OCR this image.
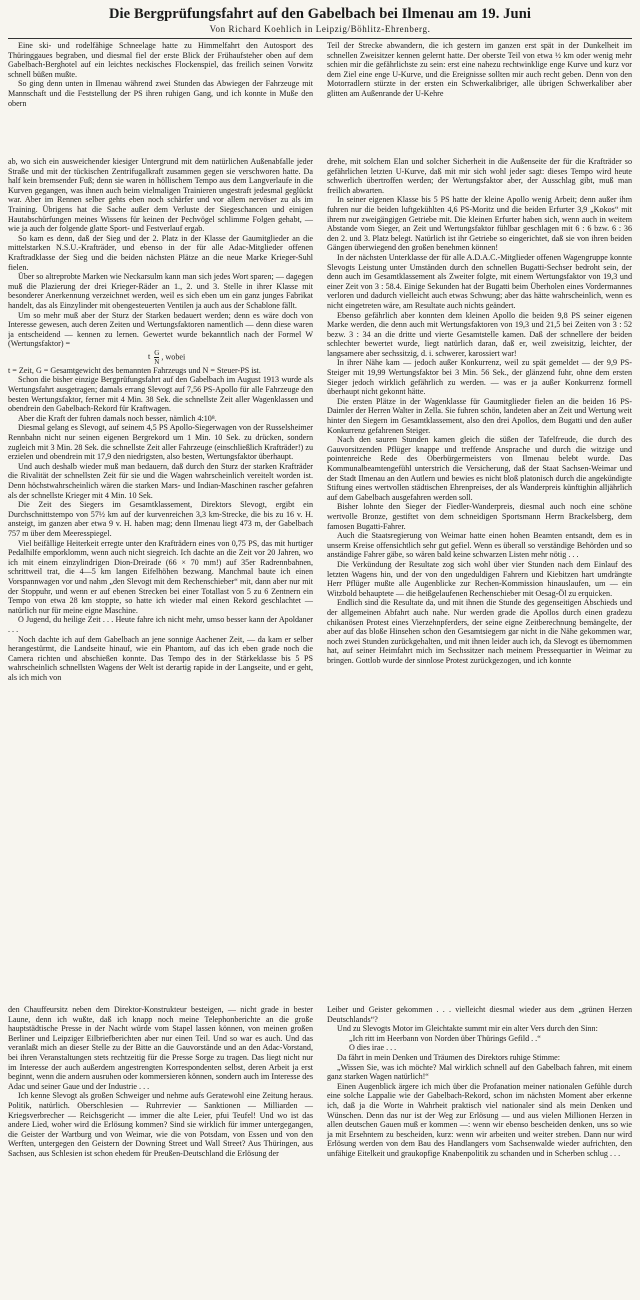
Die Bergprüfungsfahrt auf den Gabelbach bei Ilmenau am 19. Juni
Von Richard Koehlich in Leipzig/Böhlitz-Ehrenberg.

Eine ski- und rodelfähige Schneelage hatte zu Himmelfahrt den Autosport des Thüringgaues begraben, und diesmal fiel der erste Blick der Frühaufsteher oben auf dem Gabelbach-Berghotel auf ein leichtes neckisches Flockenspiel, das freilich seinen Vorwitz schnell büßen mußte.

So ging denn unten in Ilmenau während zwei Stunden das Abwiegen der Fahrzeuge mit Mannschaft und die Feststellung der PS ihren ruhigen Gang, und ich konnte in Muße den obern

Teil der Strecke abwandern, die ich gestern im ganzen erst spät in der Dunkelheit im schnellen Zweisitzer kennen gelernt hatte. Der oberste Teil von etwa ½ km oder wenig mehr schien mir die gefährlichste zu sein: erst eine nahezu rechtwinklige enge Kurve und kurz vor dem Ziel eine enge U-Kurve, und die Ereignisse sollten mir auch recht geben. Denn von den Motorradlern stürzte in der ersten ein Schwerkalibriger, alle übrigen Schwerkaliber aber glitten am Außenrande der U-Kehre

ab, wo sich ein ausweichender kiesiger Untergrund mit dem natürlichen Außenabfalle jeder Straße und mit der tückischen Zentrifugalkraft zusammen gegen sie verschworen hatte. Da half kein bremsender Fuß; denn sie waren in höllischem Tempo aus dem Langverlaufe in die Kurven gegangen, was ihnen auch beim vielmaligen Trainieren ungestraft jedesmal geglückt war. Aber im Rennen selber gehts eben noch schärfer und vor allem nervöser zu als im Training. Übrigens hat die Sache außer dem Verluste der Siegeschancen und einigen Hautabschürfungen meines Wissens für keinen der Pechvögel schlimme Folgen gehabt, — wie ja auch der folgende glatte Sport- und Festverlauf ergab.

So kam es denn, daß der Sieg und der 2. Platz in der Klasse der Gaumitglieder an die mittelstarken N.S.U.-Krafträder, und ebenso in der für alle Adac-Mitglieder offenen Kraftradklasse der Sieg und die beiden nächsten Plätze an die neue Marke Krieger-Suhl fielen.

Über so altreprobte Marken wie Neckarsulm kann man sich jedes Wort sparen; — dagegen muß die Plazierung der drei Krieger-Räder an 1., 2. und 3. Stelle in ihrer Klasse mit besonderer Anerkennung verzeichnet werden, weil es sich eben um ein ganz junges Fabrikat handelt, das als Einzylinder mit obengesteuerten Ventilen ja auch aus der Schablone fällt.

Um so mehr muß aber der Sturz der Starken bedauert werden; denn es wäre doch von Interesse gewesen, auch deren Zeiten und Wertungsfaktoren namentlich — denn diese waren ja entscheidend — kennen zu lernen. Gewertet wurde bekanntlich nach der Formel W (Wertungsfaktor) =

t $\frac{G}{N}$ , wobei

t = Zeit, G = Gesamtgewicht des bemannten Fahrzeugs und N = Steuer-PS ist.

Schon die bisher einzige Bergprüfungsfahrt auf den Gabelbach im August 1913 wurde als Wertungsfahrt ausgetragen; damals errang Slevogt auf 7,56 PS-Apollo für alle Fahrzeuge den besten Wertungsfaktor, ferner mit 4 Min. 38 Sek. die schnellste Zeit aller Wagenklassen und obendrein den Gabelbach-Rekord für Kraftwagen.

Aber die Kraft der fuhren damals noch besser, nämlich 4:10⁸.

Diesmal gelang es Slevogt, auf seinem 4,5 PS Apollo-Siegerwagen von der Russelsheimer Rennbahn nicht nur seinen eigenen Bergrekord um 1 Min. 10 Sek. zu drücken, sondern zugleich mit 3 Min. 28 Sek. die schnellste Zeit aller Fahrzeuge (einschließlich Krafträder!) zu erzielen und obendrein mit 17,9 den niedrigsten, also besten, Wertungsfaktor überhaupt.

Und auch deshalb wieder muß man bedauern, daß durch den Sturz der starken Krafträder die Rivalität der schnellsten Zeit für sie und die Wagen wahrscheinlich vereitelt worden ist. Denn höchstwahrscheinlich wären die starken Mars- und Indian-Maschinen rascher gefahren als der schnellste Krieger mit 4 Min. 10 Sek.

Die Zeit des Siegers im Gesamtklassement, Direktors Slevogt, ergibt ein Durchschnittstempo von 57½ km auf der kurvenreichen 3,3 km-Strecke, die bis zu 16 v. H. ansteigt, im ganzen aber etwa 9 v. H. haben mag; denn Ilmenau liegt 473 m, der Gabelbach 757 m über dem Meeresspiegel.

Viel beifällige Heiterkeit erregte unter den Krafträdern eines von 0,75 PS, das mit hurtiger Pedalhilfe emporklomm, wenn auch nicht siegreich. Ich dachte an die Zeit vor 20 Jahren, wo ich mit einem einzylindrigen Dion-Dreirade (66 × 70 mm!) auf 35er Radrennbahnen, schrittweil trat, die 4—5 km langen Eifelhöhen bezwang. Manchmal baute ich einen Vorspannwagen vor und nahm „den Slevogt mit dem Rechenschieber“ mit, dann aber nur mit der Stoppuhr, und wenn er auf ebenen Strecken bei einer Totallast von 5 zu 6 Zentnern ein Tempo von etwa 28 km stoppte, so hatte ich wieder mal einen Rekord geschlachtet — natürlich nur für meine eigne Maschine.

O Jugend, du heilige Zeit . . . Heute fahre ich nicht mehr, umso besser kann der Apoldaner . . .

Noch dachte ich auf dem Gabelbach an jene sonnige Aachener Zeit, — da kam er selber herangestürmt, die Landseite hinauf, wie ein Phantom, auf das ich eben grade noch die Camera richten und abschießen konnte. Das Tempo des in der Stärkeklasse bis 5 PS wahrscheinlich schnellsten Wagens der Welt ist derartig rapide in der Langseite, und er geht, als ich mich von

drehe, mit solchem Elan und solcher Sicherheit in die Außenseite der für die Krafträder so gefährlichen letzten U-Kurve, daß mit mir sich wohl jeder sagt: dieses Tempo wird heute schwerlich übertroffen werden; der Wertungsfaktor aber, der Ausschlag gibt, muß man freilich abwarten.

In seiner eigenen Klasse bis 5 PS hatte der kleine Apollo wenig Arbeit; denn außer ihm fuhren nur die beiden luftgekühlten 4,6 PS-Moritz und die beiden Erfurter 3,9 „Kokos“ mit ihrem nur zweigängigen Getriebe mit. Die kleinen Erfurter haben sich, wenn auch in weitem Abstande vom Sieger, an Zeit und Wertungsfaktor fühlbar geschlagen mit 6 : 6 bzw. 6 : 36 den 2. und 3. Platz belegt. Natürlich ist ihr Getriebe so eingerichtet, daß sie von ihren beiden Gängen überwiegend den großen benehmen können!

In der nächsten Unterklasse der für alle A.D.A.C.-Mitglieder offenen Wagengruppe konnte Slevogts Leistung unter Umständen durch den schnellen Bugatti-Sechser bedroht sein, der denn auch im Gesamtklassement als Zweiter folgte, mit einem Wertungsfaktor von 19,3 und einer Zeit von 3 : 58.4. Einige Sekunden hat der Bugatti beim Überholen eines Vordermannes verloren und dadurch vielleicht auch etwas Schwung; aber das hätte wahrscheinlich, wenn es nicht eingetreten wäre, am Resultate auch nichts geändert.

Ebenso gefährlich aber konnten dem kleinen Apollo die beiden 9,8 PS seiner eigenen Marke werden, die denn auch mit Wertungsfaktoren von 19,3 und 21,5 bei Zeiten von 3 : 52 bezw. 3 : 34 an die dritte und vierte Gesamtstelle kamen. Daß der schnellere der beiden schlechter bewertet wurde, liegt natürlich daran, daß er, weil zweisitzig, leichter, der langsamere aber sechssitzig, d. i. schwerer, karossiert war!

In ihrer Nähe kam — jedoch außer Konkurrenz, weil zu spät gemeldet — der 9,9 PS-Steiger mit 19,99 Wertungsfaktor bei 3 Min. 56 Sek., der glänzend fuhr, ohne dem ersten Sieger jedoch wirklich gefährlich zu werden. — was er ja außer Konkurrenz formell überhaupt nicht gekonnt hätte.

Die ersten Plätze in der Wagenklasse für Gaumitglieder fielen an die beiden 16 PS-Daimler der Herren Walter in Zella. Sie fuhren schön, landeten aber an Zeit und Wertung weit hinter den Siegern im Gesamtklassement, also den drei Apollos, dem Bugatti und den außer Konkurrenz gefahrenen Steiger.

Nach den sauren Stunden kamen gleich die süßen der Tafelfreude, die durch des Gauvorsitzenden Pflüger knappe und treffende Ansprache und durch die witzige und pointenreiche Rede des Oberbürgermeisters von Ilmenau belebt wurde. Das Kommunalbeamtengefühl unterstrich die Versicherung, daß der Staat Sachsen-Weimar und der Stadt Ilmenau an den Autlern und bewies es nicht bloß platonisch durch die angekündigte Stiftung eines wertvollen städtischen Ehrenpreises, der als Wanderpreis künftighin alljährlich auf dem Gabelbach ausgefahren werden soll.

Bisher lohnte den Sieger der Fiedler-Wanderpreis, diesmal auch noch eine schöne wertvolle Bronze, gestiftet von dem schneidigen Sportsmann Herrn Brackelsberg, dem famosen Bugatti-Fahrer.

Auch die Staatsregierung von Weimar hatte einen hohen Beamten entsandt, dem es in unserm Kreise offensichtlich sehr gut gefiel. Wenn es überall so verständige Behörden und so anständige Fahrer gäbe, so wären bald keine schwarzen Listen mehr nötig . . .

Die Verkündung der Resultate zog sich wohl über vier Stunden nach dem Einlauf des letzten Wagens hin, und der von den ungeduldigen Fahrern und Kiebitzen hart umdrängte Herr Pflüger mußte alle Augenblicke zur Rechen-Kommission hinauslaufen, um — ein Witzbold behauptete — die heißgelaufenen Rechenschieber mit Oesag-Öl zu erquicken.

Endlich sind die Resultate da, und mit ihnen die Stunde des gegenseitigen Abschieds und der allgemeinen Abfahrt auch nahe. Nur werden grade die Apollos durch einen gradezu chikanösen Protest eines Vierzehnpferders, der seine eigne Zeitberechnung bemängelte, der aber auf das bloße Hinsehen schon den Gesamtsiegern gar nicht in die Nähe gekommen war, noch zwei Stunden zurückgehalten, und mit ihnen leider auch ich, da Slevogt es übernommen hat, auf seiner Heimfahrt mich im Sechssitzer nach meinem Pressequartier in Weimar zu bringen. Gottlob wurde der sinnlose Protest zurückgezogen, und ich konnte

den Chauffeursitz neben dem Direktor-Konstrukteur besteigen, — nicht grade in bester Laune, denn ich wußte, daß ich knapp noch meine Telephonberichte an die große hauptstädtische Presse in der Nacht würde vom Stapel lassen können, von meinen großen Berliner und Leipziger Eilbriefberichten aber nur einen Teil. Und so war es auch. Und das veranlaßt mich an dieser Stelle zu der Bitte an die Gauvorstände und an den Adac-Vorstand, bei ihren Veranstaltungen stets rechtzeitig für die Presse Sorge zu tragen. Das liegt nicht nur im Interesse der auch außerdem angestrengten Korrespondenten selbst, deren Arbeit ja erst beginnt, wenn die andern ausruhen oder kommersieren können, sondern auch im Interesse des Adac und seiner Gaue und der Industrie . . .

Ich kenne Slevogt als großen Schweiger und nehme aufs Geratewohl eine Zeitung heraus. Politik, natürlich. Oberschlesien — Ruhrrevier — Sanktionen — Milliarden — Kriegsverbrecher — Reichsgericht — immer die alte Leier, pfui Teufel! Und wo ist das andere Lied, woher wird die Erlösung kommen? Sind sie wirklich für immer untergegangen, die Geister der Wartburg und von Weimar, wie die von Potsdam, von Essen und von den Werften, untergegen den Geistern der Downing Street und Wall Street? Aus Thüringen, aus Sachsen, aus Schlesien ist schon ehedem für Preußen-Deutschland die Erlösung der

Leiber und Geister gekommen . . . vielleicht diesmal wieder aus dem „grünen Herzen Deutschlands“?

Und zu Slevogts Motor im Gleichtakte summt mir ein alter Vers durch den Sinn:

„Ich ritt im Heerbann von Norden über Thürings Gefild . .“

O dies irae . . .

Da fährt in mein Denken und Träumen des Direktors ruhige Stimme:

„Wissen Sie, was ich möchte? Mal wirklich schnell auf den Gabelbach fahren, mit einem ganz starken Wagen natürlich!“

Einen Augenblick ärgere ich mich über die Profanation meiner nationalen Gefühle durch eine solche Lappalie wie der Gabelbach-Rekord, schon im nächsten Moment aber erkenne ich, daß ja die Worte in Wahrheit praktisch viel nationaler sind als mein Denken und Wünschen. Denn das nur ist der Weg zur Erlösung — und aus vielen Millionen Herzen in allen deutschen Gauen muß er kommen —: wenn wir ebenso bescheiden denken, uns so wie ja mit Ersehntem zu bescheiden, kurz: wenn wir arbeiten und weiter streben. Dann nur wird Erlösung werden von dem Bau des Handlangers vom Sachsenwalde wieder aufrichten, den unfähige Eitelkeit und graukopfige Knabenpolitik zu schanden und in Scherben schlug . . .
